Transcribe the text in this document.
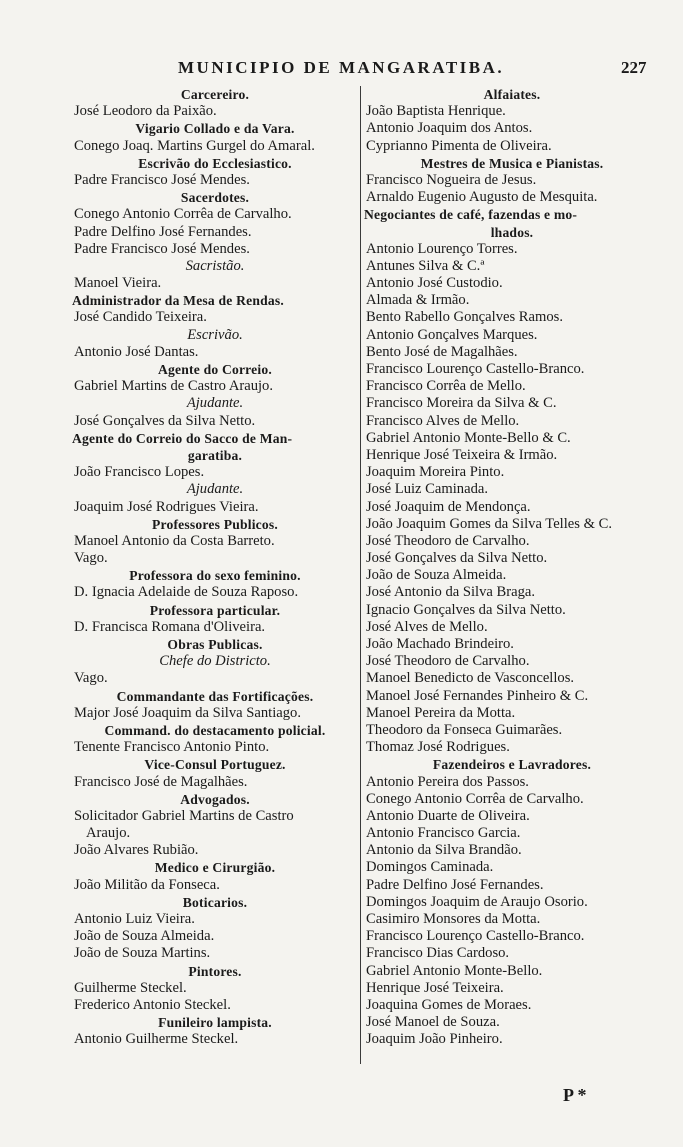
MUNICIPIO DE MANGARATIBA.	227
Carcereiro.
José Leodoro da Paixão.
Vigario Collado e da Vara.
Conego Joaq. Martins Gurgel do Amaral.
Escrivão do Ecclesiastico.
Padre Francisco José Mendes.
Sacerdotes.
Conego Antonio Corrêa de Carvalho.
Padre Delfino José Fernandes.
Padre Francisco José Mendes.
Sacristão.
Manoel Vieira.
Administrador da Mesa de Rendas.
José Candido Teixeira.
Escrivão.
Antonio José Dantas.
Agente do Correio.
Gabriel Martins de Castro Araujo.
Ajudante.
José Gonçalves da Silva Netto.
Agente do Correio do Sacco de Man-
garatiba.
João Francisco Lopes.
Ajudante.
Joaquim José Rodrigues Vieira.
Professores Publicos.
Manoel Antonio da Costa Barreto.
Vago.
Professora do sexo feminino.
D. Ignacia Adelaide de Souza Raposo.
Professora particular.
D. Francisca Romana d'Oliveira.
Obras Publicas.
Chefe do Districto.
Vago.
Commandante das Fortificações.
Major José Joaquim da Silva Santiago.
Command. do destacamento policial.
Tenente Francisco Antonio Pinto.
Vice-Consul Portuguez.
Francisco José de Magalhães.
Advogados.
Solicitador Gabriel Martins de Castro
Araujo.
João Alvares Rubião.
Medico e Cirurgião.
João Militão da Fonseca.
Boticarios.
Antonio Luiz Vieira.
João de Souza Almeida.
João de Souza Martins.
Pintores.
Guilherme Steckel.
Frederico Antonio Steckel.
Funileiro lampista.
Antonio Guilherme Steckel.
Alfaiates.
João Baptista Henrique.
Antonio Joaquim dos Antos.
Cyprianno Pimenta de Oliveira.
Mestres de Musica e Pianistas.
Francisco Nogueira de Jesus.
Arnaldo Eugenio Augusto de Mesquita.
Negociantes de café, fazendas e mo-
lhados.
Antonio Lourenço Torres.
Antunes Silva & C.ª
Antonio José Custodio.
Almada & Irmão.
Bento Rabello Gonçalves Ramos.
Antonio Gonçalves Marques.
Bento José de Magalhães.
Francisco Lourenço Castello-Branco.
Francisco Corrêa de Mello.
Francisco Moreira da Silva & C.
Francisco Alves de Mello.
Gabriel Antonio Monte-Bello & C.
Henrique José Teixeira & Irmão.
Joaquim Moreira Pinto.
José Luiz Caminada.
José Joaquim de Mendonça.
João Joaquim Gomes da Silva Telles & C.
José Theodoro de Carvalho.
José Gonçalves da Silva Netto.
João de Souza Almeida.
José Antonio da Silva Braga.
Ignacio Gonçalves da Silva Netto.
José Alves de Mello.
João Machado Brindeiro.
José Theodoro de Carvalho.
Manoel Benedicto de Vasconcellos.
Manoel José Fernandes Pinheiro & C.
Manoel Pereira da Motta.
Theodoro da Fonseca Guimarães.
Thomaz José Rodrigues.
Fazendeiros e Lavradores.
Antonio Pereira dos Passos.
Conego Antonio Corrêa de Carvalho.
Antonio Duarte de Oliveira.
Antonio Francisco Garcia.
Antonio da Silva Brandão.
Domingos Caminada.
Padre Delfino José Fernandes.
Domingos Joaquim de Araujo Osorio.
Casimiro Monsores da Motta.
Francisco Lourenço Castello-Branco.
Francisco Dias Cardoso.
Gabriel Antonio Monte-Bello.
Henrique José Teixeira.
Joaquina Gomes de Moraes.
José Manoel de Souza.
Joaquim João Pinheiro.
P *
